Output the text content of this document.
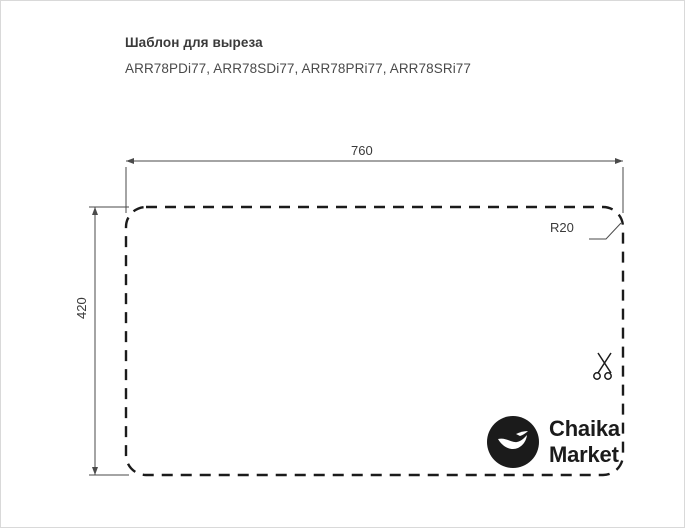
Шаблон для выреза
ARR78PDi77, ARR78SDi77, ARR78PRi77, ARR78SRi77
760
420
R20
Chaika
Market
